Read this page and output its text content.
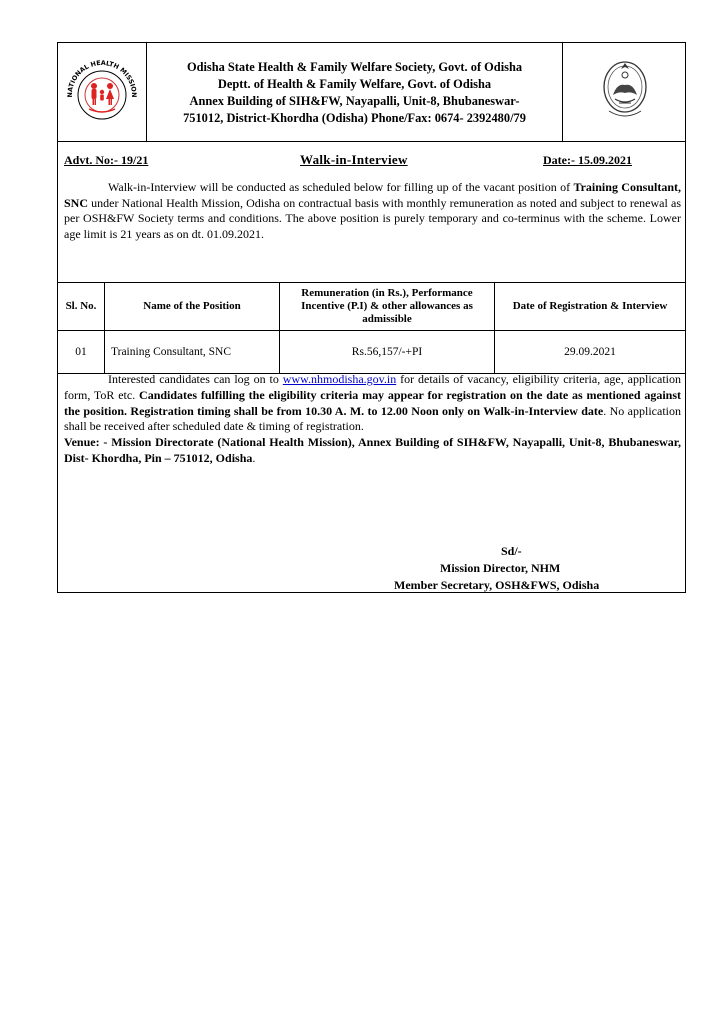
NATIONAL HEALTH MISSION
Odisha State Health & Family Welfare Society, Govt. of Odisha
Deptt. of Health & Family Welfare, Govt. of Odisha
Annex Building of SIH&FW, Nayapalli, Unit-8, Bhubaneswar-
751012, District-Khordha (Odisha) Phone/Fax: 0674- 2392480/79
Advt. No:- 19/21	Walk-in-Interview	Date:- 15.09.2021

Walk-in-Interview will be conducted as scheduled below for filling up of the vacant position of Training Consultant, SNC under National Health Mission, Odisha on contractual basis with monthly remuneration as noted and subject to renewal as per OSH&FW Society terms and conditions. The above position is purely temporary and co-terminus with the scheme. Lower age limit is 21 years as on dt. 01.09.2021.

Sl. No.	Name of the Position	Remuneration (in Rs.), Performance Incentive (P.I) & other allowances as admissible	Date of Registration & Interview
01	Training Consultant, SNC	Rs.56,157/-+PI	29.09.2021

Interested candidates can log on to www.nhmodisha.gov.in for details of vacancy, eligibility criteria, age, application form, ToR etc. Candidates fulfilling the eligibility criteria may appear for registration on the date as mentioned against the position. Registration timing shall be from 10.30 A. M. to 12.00 Noon only on Walk-in-Interview date. No application shall be received after scheduled date & timing of registration.

Venue: - Mission Directorate (National Health Mission), Annex Building of SIH&FW, Nayapalli, Unit-8, Bhubaneswar, Dist- Khordha, Pin – 751012, Odisha.

Sd/-
Mission Director, NHM
Member Secretary, OSH&FWS, Odisha
